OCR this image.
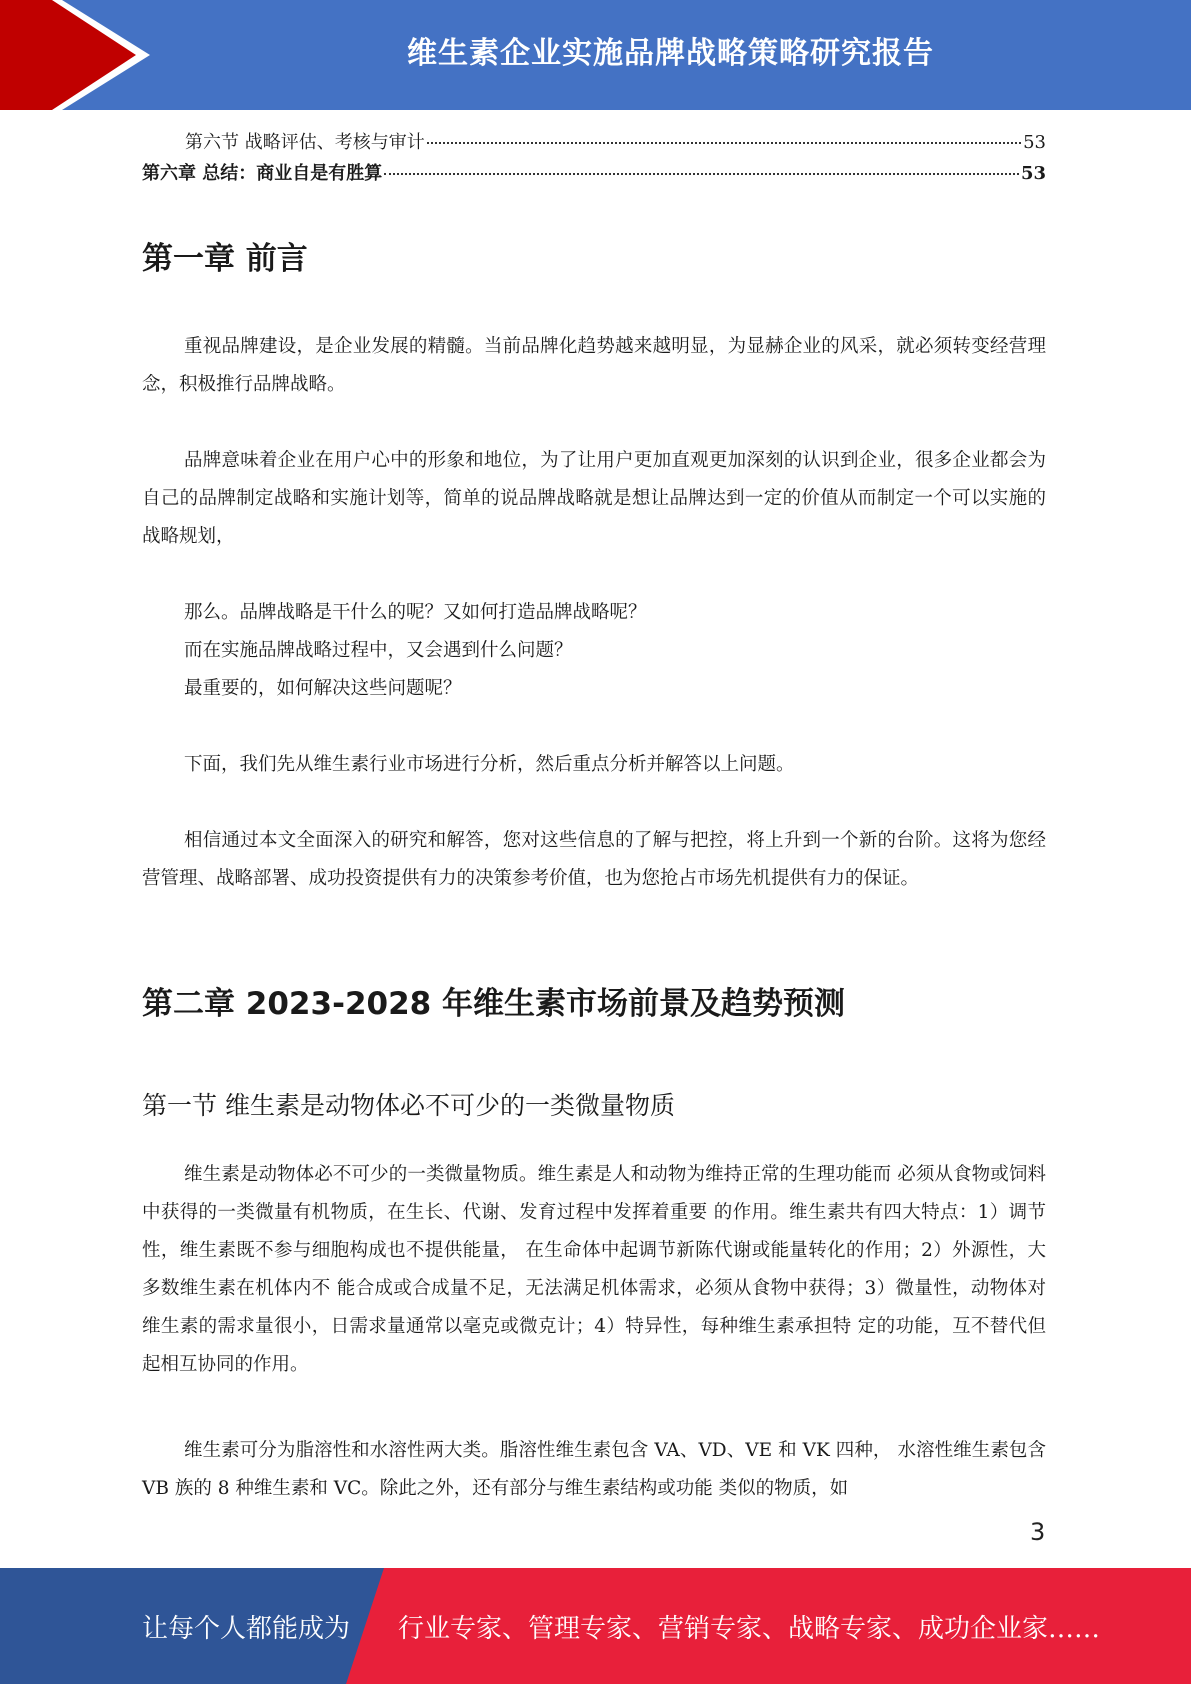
维生素企业实施品牌战略策略研究报告
第六节 战略评估、考核与审计	53
第六章 总结：商业自是有胜算	53
第一章 前言

重视品牌建设，是企业发展的精髓。当前品牌化趋势越来越明显，为显赫企业的风采，就必须转变经营理念，积极推行品牌战略。

品牌意味着企业在用户心中的形象和地位，为了让用户更加直观更加深刻的认识到企业，很多企业都会为自己的品牌制定战略和实施计划等，简单的说品牌战略就是想让品牌达到一定的价值从而制定一个可以实施的战略规划，

那么。品牌战略是干什么的呢？又如何打造品牌战略呢？

而在实施品牌战略过程中，又会遇到什么问题？

最重要的，如何解决这些问题呢？

下面，我们先从维生素行业市场进行分析，然后重点分析并解答以上问题。

相信通过本文全面深入的研究和解答，您对这些信息的了解与把控，将上升到一个新的台阶。这将为您经营管理、战略部署、成功投资提供有力的决策参考价值，也为您抢占市场先机提供有力的保证。

第二章 2023-2028 年维生素市场前景及趋势预测
第一节 维生素是动物体必不可少的一类微量物质

维生素是动物体必不可少的一类微量物质。维生素是人和动物为维持正常的生理功能而 必须从食物或饲料中获得的一类微量有机物质，在生长、代谢、发育过程中发挥着重要 的作用。维生素共有四大特点：1）调节性，维生素既不参与细胞构成也不提供能量， 在生命体中起调节新陈代谢或能量转化的作用；2）外源性，大多数维生素在机体内不 能合成或合成量不足，无法满足机体需求，必须从食物中获得；3）微量性，动物体对 维生素的需求量很小，日需求量通常以毫克或微克计；4）特异性，每种维生素承担特 定的功能，互不替代但起相互协同的作用。

维生素可分为脂溶性和水溶性两大类。脂溶性维生素包含 VA、VD、VE 和 VK 四种， 水溶性维生素包含 VB 族的 8 种维生素和 VC。除此之外，还有部分与维生素结构或功能 类似的物质，如

3
让每个人都能成为 行业专家、管理专家、营销专家、战略专家、成功企业家……
